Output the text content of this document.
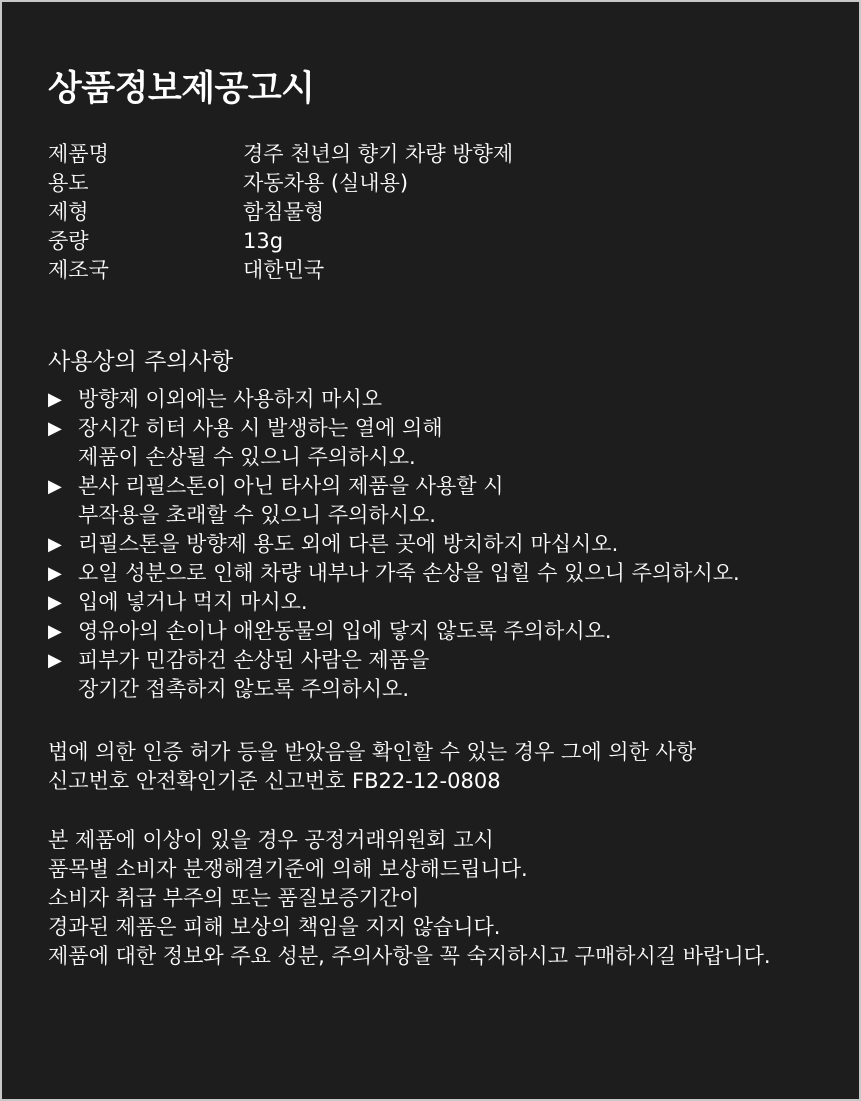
상품정보제공고시
제품명	경주 천년의 향기 차량 방향제
용도	자동차용 (실내용)
제형	함침물형
중량	13g
제조국	대한민국
사용상의 주의사항
▶ 방향제 이외에는 사용하지 마시오
▶ 장시간 히터 사용 시 발생하는 열에 의해
제품이 손상될 수 있으니 주의하시오.
▶ 본사 리필스톤이 아닌 타사의 제품을 사용할 시
부작용을 초래할 수 있으니 주의하시오.
▶ 리필스톤을 방향제 용도 외에 다른 곳에 방치하지 마십시오.
▶ 오일 성분으로 인해 차량 내부나 가죽 손상을 입힐 수 있으니 주의하시오.
▶ 입에 넣거나 먹지 마시오.
▶ 영유아의 손이나 애완동물의 입에 닿지 않도록 주의하시오.
▶ 피부가 민감하건 손상된 사람은 제품을
장기간 접촉하지 않도록 주의하시오.
법에 의한 인증 허가 등을 받았음을 확인할 수 있는 경우 그에 의한 사항
신고번호 안전확인기준 신고번호 FB22-12-0808
본 제품에 이상이 있을 경우 공정거래위원회 고시
품목별 소비자 분쟁해결기준에 의해 보상해드립니다.
소비자 취급 부주의 또는 품질보증기간이
경과된 제품은 피해 보상의 책임을 지지 않습니다.
제품에 대한 정보와 주요 성분, 주의사항을 꼭 숙지하시고 구매하시길 바랍니다.
